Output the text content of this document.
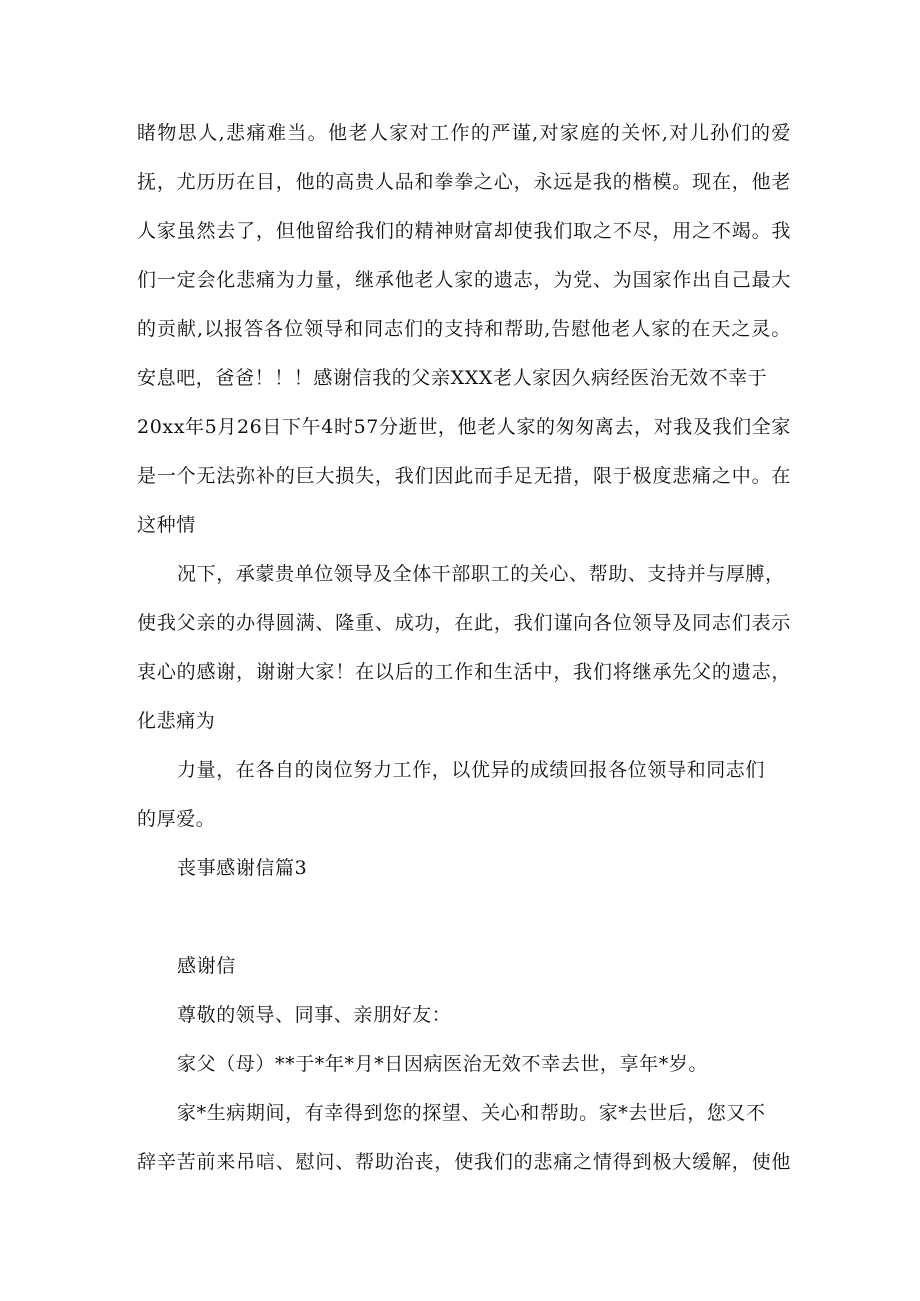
睹物思人,悲痛难当。他老人家对工作的严谨,对家庭的关怀,对儿孙们的爱
抚，尤历历在目，他的高贵人品和拳拳之心，永远是我的楷模。现在，他老
人家虽然去了，但他留给我们的精神财富却使我们取之不尽，用之不竭。我
们一定会化悲痛为力量，继承他老人家的遗志，为党、为国家作出自己最大
的贡献,以报答各位领导和同志们的支持和帮助,告慰他老人家的在天之灵。
安息吧，爸爸！！！感谢信我的父亲XXX老人家因久病经医治无效不幸于
20xx年5月26日下午4时57分逝世，他老人家的匆匆离去，对我及我们全家
是一个无法弥补的巨大损失，我们因此而手足无措，限于极度悲痛之中。在
这种情
况下，承蒙贵单位领导及全体干部职工的关心、帮助、支持并与厚膊，
使我父亲的办得圆满、隆重、成功，在此，我们谨向各位领导及同志们表示
衷心的感谢，谢谢大家！在以后的工作和生活中，我们将继承先父的遗志，
化悲痛为
力量，在各自的岗位努力工作，以优异的成绩回报各位领导和同志们
的厚爱。
丧事感谢信篇3
感谢信
尊敬的领导、同事、亲朋好友：
家父（母）**于*年*月*日因病医治无效不幸去世，享年*岁。
家*生病期间，有幸得到您的探望、关心和帮助。家*去世后，您又不
辞辛苦前来吊唁、慰问、帮助治丧，使我们的悲痛之情得到极大缓解，使他
